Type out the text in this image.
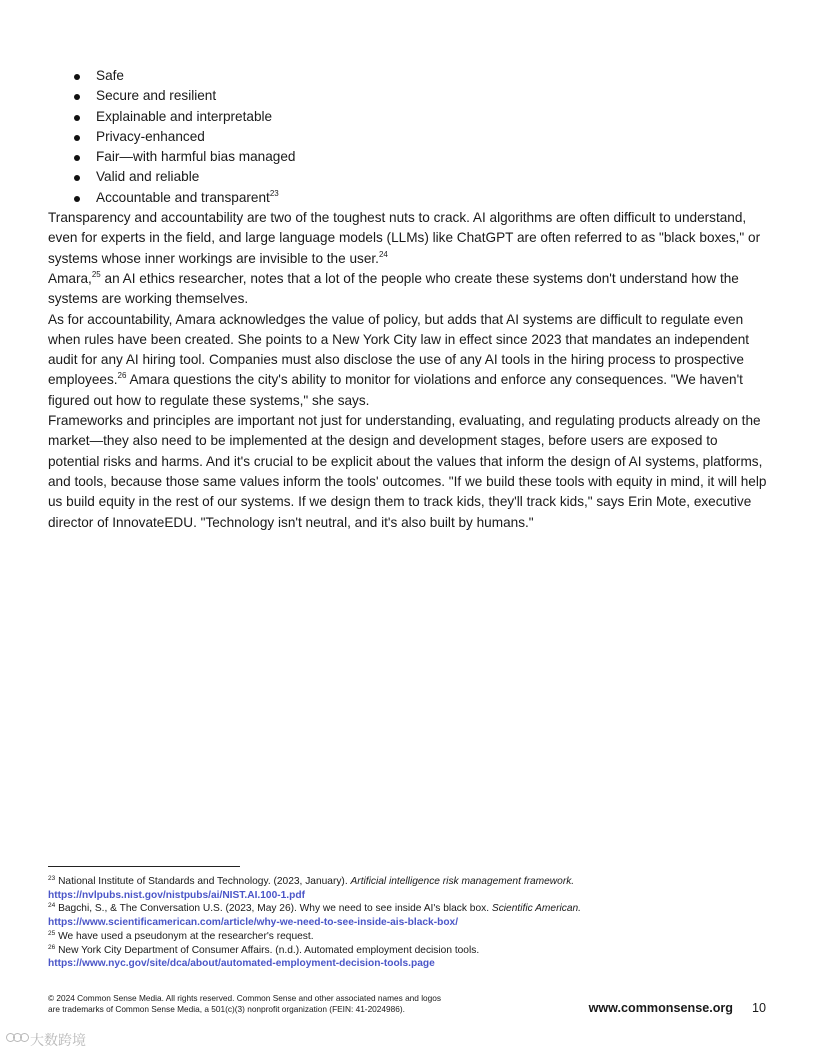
Safe
Secure and resilient
Explainable and interpretable
Privacy-enhanced
Fair—with harmful bias managed
Valid and reliable
Accountable and transparent$^{23}$

Transparency and accountability are two of the toughest nuts to crack. AI algorithms are often difficult to understand, even for experts in the field, and large language models (LLMs) like ChatGPT are often referred to as "black boxes," or systems whose inner workings are invisible to the user.$^{24}$

Amara,$^{25}$ an AI ethics researcher, notes that a lot of the people who create these systems don't understand how the systems are working themselves.

As for accountability, Amara acknowledges the value of policy, but adds that AI systems are difficult to regulate even when rules have been created. She points to a New York City law in effect since 2023 that mandates an independent audit for any AI hiring tool. Companies must also disclose the use of any AI tools in the hiring process to prospective employees.$^{26}$ Amara questions the city's ability to monitor for violations and enforce any consequences. "We haven't figured out how to regulate these systems," she says.

Frameworks and principles are important not just for understanding, evaluating, and regulating products already on the market—they also need to be implemented at the design and development stages, before users are exposed to potential risks and harms. And it's crucial to be explicit about the values that inform the design of AI systems, platforms, and tools, because those same values inform the tools' outcomes. "If we build these tools with equity in mind, it will help us build equity in the rest of our systems. If we design them to track kids, they'll track kids," says Erin Mote, executive director of InnovateEDU. "Technology isn't neutral, and it's also built by humans."

$^{23}$ National Institute of Standards and Technology. (2023, January). Artificial intelligence risk management framework.

https://nvlpubs.nist.gov/nistpubs/ai/NIST.AI.100-1.pdf

$^{24}$ Bagchi, S., & The Conversation U.S. (2023, May 26). Why we need to see inside AI's black box. Scientific American.

https://www.scientificamerican.com/article/why-we-need-to-see-inside-ais-black-box/

$^{25}$ We have used a pseudonym at the researcher's request.

$^{26}$ New York City Department of Consumer Affairs. (n.d.). Automated employment decision tools.

https://www.nyc.gov/site/dca/about/automated-employment-decision-tools.page

© 2024 Common Sense Media. All rights reserved. Common Sense and other associated names and logos
are trademarks of Common Sense Media, a 501(c)(3) nonprofit organization (FEIN: 41-2024986).	www.commonsense.org 10
大数跨境
